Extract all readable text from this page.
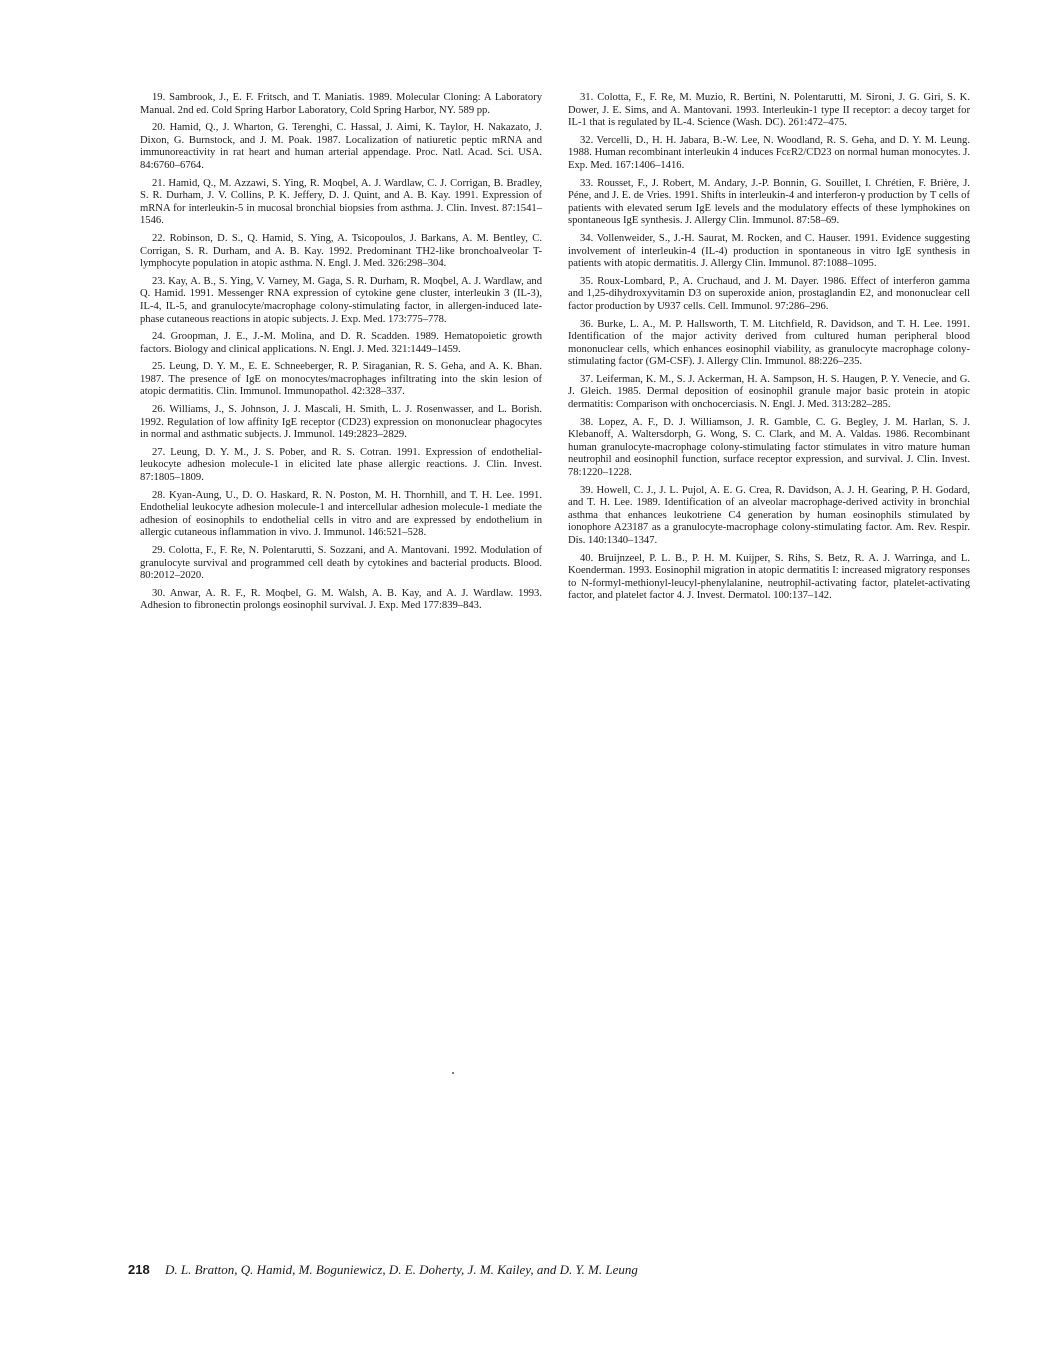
19. Sambrook, J., E. F. Fritsch, and T. Maniatis. 1989. Molecular Cloning: A Laboratory Manual. 2nd ed. Cold Spring Harbor Laboratory, Cold Spring Harbor, NY. 589 pp.

20. Hamid, Q., J. Wharton, G. Terenghi, C. Hassal, J. Aimi, K. Taylor, H. Nakazato, J. Dixon, G. Burnstock, and J. M. Poak. 1987. Localization of natiuretic peptic mRNA and immunoreactivity in rat heart and human arterial appendage. Proc. Natl. Acad. Sci. USA. 84:6760–6764.

21. Hamid, Q., M. Azzawi, S. Ying, R. Moqbel, A. J. Wardlaw, C. J. Corrigan, B. Bradley, S. R. Durham, J. V. Collins, P. K. Jeffery, D. J. Quint, and A. B. Kay. 1991. Expression of mRNA for interleukin-5 in mucosal bronchial biopsies from asthma. J. Clin. Invest. 87:1541–1546.

22. Robinson, D. S., Q. Hamid, S. Ying, A. Tsicopoulos, J. Barkans, A. M. Bentley, C. Corrigan, S. R. Durham, and A. B. Kay. 1992. Predominant TH2-like bronchoalveolar T-lymphocyte population in atopic asthma. N. Engl. J. Med. 326:298–304.

23. Kay, A. B., S. Ying, V. Varney, M. Gaga, S. R. Durham, R. Moqbel, A. J. Wardlaw, and Q. Hamid. 1991. Messenger RNA expression of cytokine gene cluster, interleukin 3 (IL-3), IL-4, IL-5, and granulocyte/macrophage colony-stimulating factor, in allergen-induced late-phase cutaneous reactions in atopic subjects. J. Exp. Med. 173:775–778.

24. Groopman, J. E., J.-M. Molina, and D. R. Scadden. 1989. Hematopoietic growth factors. Biology and clinical applications. N. Engl. J. Med. 321:1449–1459.

25. Leung, D. Y. M., E. E. Schneeberger, R. P. Siraganian, R. S. Geha, and A. K. Bhan. 1987. The presence of IgE on monocytes/macrophages infiltrating into the skin lesion of atopic dermatitis. Clin. Immunol. Immunopathol. 42:328–337.

26. Williams, J., S. Johnson, J. J. Mascali, H. Smith, L. J. Rosenwasser, and L. Borish. 1992. Regulation of low affinity IgE receptor (CD23) expression on mononuclear phagocytes in normal and asthmatic subjects. J. Immunol. 149:2823–2829.

27. Leung, D. Y. M., J. S. Pober, and R. S. Cotran. 1991. Expression of endothelial-leukocyte adhesion molecule-1 in elicited late phase allergic reactions. J. Clin. Invest. 87:1805–1809.

28. Kyan-Aung, U., D. O. Haskard, R. N. Poston, M. H. Thornhill, and T. H. Lee. 1991. Endothelial leukocyte adhesion molecule-1 and intercellular adhesion molecule-1 mediate the adhesion of eosinophils to endothelial cells in vitro and are expressed by endothelium in allergic cutaneous inflammation in vivo. J. Immunol. 146:521–528.

29. Colotta, F., F. Re, N. Polentarutti, S. Sozzani, and A. Mantovani. 1992. Modulation of granulocyte survival and programmed cell death by cytokines and bacterial products. Blood. 80:2012–2020.

30. Anwar, A. R. F., R. Moqbel, G. M. Walsh, A. B. Kay, and A. J. Wardlaw. 1993. Adhesion to fibronectin prolongs eosinophil survival. J. Exp. Med 177:839–843.

31. Colotta, F., F. Re, M. Muzio, R. Bertini, N. Polentarutti, M. Sironi, J. G. Giri, S. K. Dower, J. E. Sims, and A. Mantovani. 1993. Interleukin-1 type II receptor: a decoy target for IL-1 that is regulated by IL-4. Science (Wash. DC). 261:472–475.

32. Vercelli, D., H. H. Jabara, B.-W. Lee, N. Woodland, R. S. Geha, and D. Y. M. Leung. 1988. Human recombinant interleukin 4 induces FcεR2/CD23 on normal human monocytes. J. Exp. Med. 167:1406–1416.

33. Rousset, F., J. Robert, M. Andary, J.-P. Bonnin, G. Souillet, I. Chrétien, F. Brière, J. Péne, and J. E. de Vries. 1991. Shifts in interleukin-4 and interferon-γ production by T cells of patients with elevated serum IgE levels and the modulatory effects of these lymphokines on spontaneous IgE synthesis. J. Allergy Clin. Immunol. 87:58–69.

34. Vollenweider, S., J.-H. Saurat, M. Rocken, and C. Hauser. 1991. Evidence suggesting involvement of interleukin-4 (IL-4) production in spontaneous in vitro IgE synthesis in patients with atopic dermatitis. J. Allergy Clin. Immunol. 87:1088–1095.

35. Roux-Lombard, P., A. Cruchaud, and J. M. Dayer. 1986. Effect of interferon gamma and 1,25-dihydroxyvitamin D3 on superoxide anion, prostaglandin E2, and mononuclear cell factor production by U937 cells. Cell. Immunol. 97:286–296.

36. Burke, L. A., M. P. Hallsworth, T. M. Litchfield, R. Davidson, and T. H. Lee. 1991. Identification of the major activity derived from cultured human peripheral blood mononuclear cells, which enhances eosinophil viability, as granulocyte macrophage colony-stimulating factor (GM-CSF). J. Allergy Clin. Immunol. 88:226–235.

37. Leiferman, K. M., S. J. Ackerman, H. A. Sampson, H. S. Haugen, P. Y. Venecie, and G. J. Gleich. 1985. Dermal deposition of eosinophil granule major basic protein in atopic dermatitis: Comparison with onchocerciasis. N. Engl. J. Med. 313:282–285.

38. Lopez, A. F., D. J. Williamson, J. R. Gamble, C. G. Begley, J. M. Harlan, S. J. Klebanoff, A. Waltersdorph, G. Wong, S. C. Clark, and M. A. Valdas. 1986. Recombinant human granulocyte-macrophage colony-stimulating factor stimulates in vitro mature human neutrophil and eosinophil function, surface receptor expression, and survival. J. Clin. Invest. 78:1220–1228.

39. Howell, C. J., J. L. Pujol, A. E. G. Crea, R. Davidson, A. J. H. Gearing, P. H. Godard, and T. H. Lee. 1989. Identification of an alveolar macrophage-derived activity in bronchial asthma that enhances leukotriene C4 generation by human eosinophils stimulated by ionophore A23187 as a granulocyte-macrophage colony-stimulating factor. Am. Rev. Respir. Dis. 140:1340–1347.

40. Bruijnzeel, P. L. B., P. H. M. Kuijper, S. Rihs, S. Betz, R. A. J. Warringa, and L. Koenderman. 1993. Eosinophil migration in atopic dermatitis I: increased migratory responses to N-formyl-methionyl-leucyl-phenylalanine, neutrophil-activating factor, platelet-activating factor, and platelet factor 4. J. Invest. Dermatol. 100:137–142.

218 D. L. Bratton, Q. Hamid, M. Boguniewicz, D. E. Doherty, J. M. Kailey, and D. Y. M. Leung
